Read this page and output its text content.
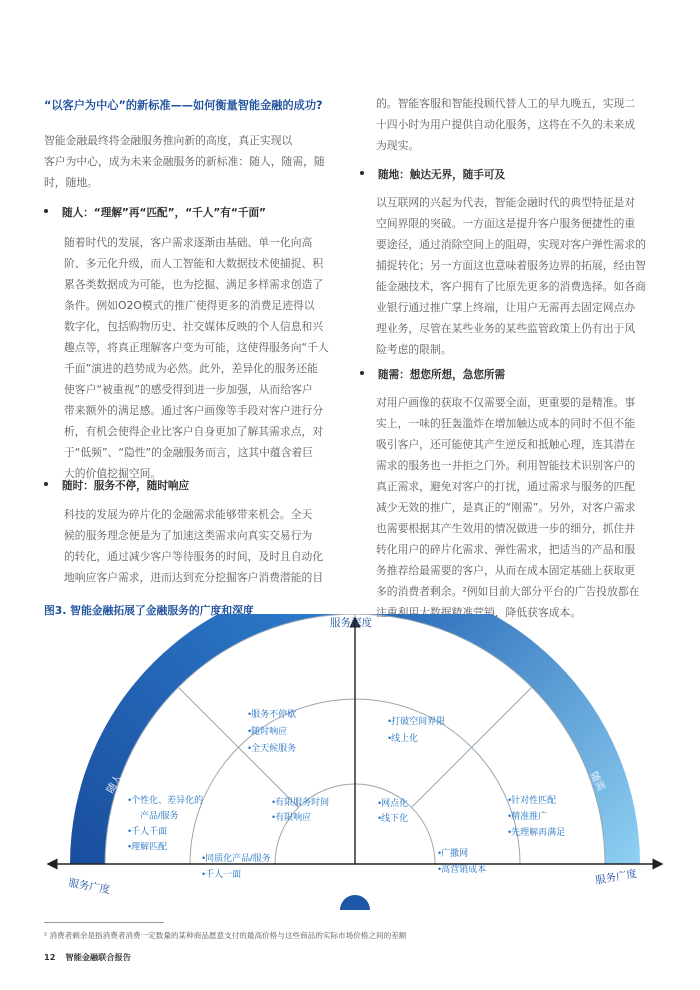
“以客户为中心”的新标准——如何衡量智能金融的成功?
智能金融最终将金融服务推向新的高度，真正实现以
客户为中心，成为未来金融服务的新标准：随人，随需，随
时，随地。
随人：“理解”再“匹配”，“千人”有“千面”
随着时代的发展，客户需求逐渐由基础、单一化向高
阶、多元化升级，而人工智能和大数据技术使捕捉、积
累各类数据成为可能，也为挖掘、满足多样需求创造了
条件。例如O2O模式的推广使得更多的消费足迹得以
数字化，包括购物历史、社交媒体反映的个人信息和兴
趣点等，将真正理解客户变为可能，这使得服务向“千人
千面”演进的趋势成为必然。此外，差异化的服务还能
使客户“被重视”的感受得到进一步加强，从而给客户
带来额外的满足感。通过客户画像等手段对客户进行分
析，有机会使得企业比客户自身更加了解其需求点，对
于“低频”、“隐性”的金融服务而言，这其中蕴含着巨
大的价值挖掘空间。
随时：服务不停，随时响应
科技的发展为碎片化的金融需求能够带来机会。全天
候的服务理念便是为了加速这类需求向真实交易行为
的转化，通过减少客户等待服务的时间，及时且自动化
地响应客户需求，进而达到充分挖掘客户消费潜能的目
的。智能客服和智能投顾代替人工的早九晚五，实现二
十四小时为用户提供自动化服务，这将在不久的未来成
为现实。
随地：触达无界，随手可及
以互联网的兴起为代表，智能金融时代的典型特征是对
空间界限的突破。一方面这是提升客户服务便捷性的重
要途径，通过消除空间上的阻碍，实现对客户弹性需求的
捕捉转化；另一方面这也意味着服务边界的拓展，经由智
能金融技术，客户拥有了比原先更多的消费选择。如各商
业银行通过推广掌上终端，让用户无需再去固定网点办
理业务，尽管在某些业务的某些监管政策上仍有出于风
险考虑的限制。
随需：想您所想，急您所需
对用户画像的获取不仅需要全面，更重要的是精准。事
实上，一味的狂轰滥炸在增加触达成本的同时不但不能
吸引客户，还可能使其产生逆反和抵触心理，连其潜在
需求的服务也一并拒之门外。利用智能技术识别客户的
真正需求，避免对客户的打扰，通过需求与服务的匹配
减少无效的推广，是真正的“刚需”。另外，对客户需求
也需要根据其产生效用的情况做进一步的细分，抓住并
转化用户的碎片化需求、弹性需求，把适当的产品和服
务推荐给最需要的客户，从而在成本固定基础上获取更
多的消费者剩余。²例如目前大部分平台的广告投放都在
注重利用大数据精准营销，降低获客成本。
图3. 智能金融拓展了金融服务的广度和深度
服务深度
服务广度	服务广度
随时	随地
随人	随需
•服务不停歇
•随时响应
•全天候服务
•打破空间界限
•线上化
•个性化、差异化的
产品/服务
•千人千面
•理解匹配
•有限服务时间
•有限响应
•网点化
•线下化
•针对性匹配
•精准推广
•先理解再满足
•同质化产品/服务
•千人一面
•广撒网
•高营销成本
² 消费者剩余是指消费者消费一定数量的某种商品愿意支付的最高价格与这些商品的实际市场价格之间的差额
12 智能金融联合报告
